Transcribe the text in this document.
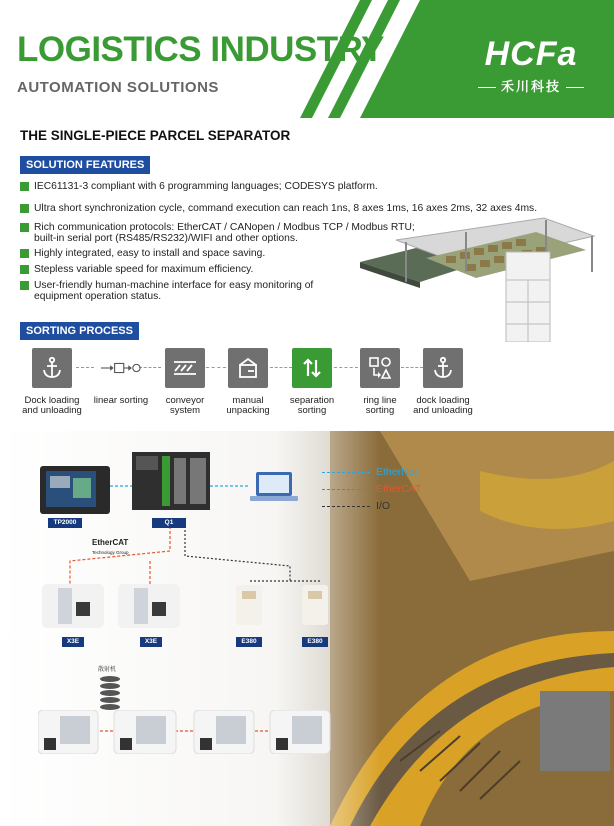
LOGISTICS INDUSTRY
AUTOMATION SOLUTIONS
HCFa
禾川科技
THE SINGLE-PIECE PARCEL SEPARATOR
SOLUTION FEATURES
IEC61131-3 compliant with 6 programming languages; CODESYS platform.
Ultra short synchronization cycle, command execution can reach 1ns, 8 axes 1ms, 16 axes 2ms, 32 axes 4ms.
Rich communication protocols: EtherCAT / CANopen / Modbus TCP / Modbus RTU;
built-in serial port (RS485/RS232)/WIFI and other options.
Highly integrated, easy to install and space saving.
Stepless variable speed for maximum efficiency.
User-friendly human-machine interface for easy monitoring of
equipment operation status.
SORTING PROCESS
Dock loading
and unloading
linear sorting	conveyor
system
manual
unpacking
separation
sorting
ring line
sorting
dock loading
and unloading
EtherNet
EtherCAT
I/O
TP2000	Q1
EtherCAT
Technology Group
X3E	X3E	E380	E380
散射机
